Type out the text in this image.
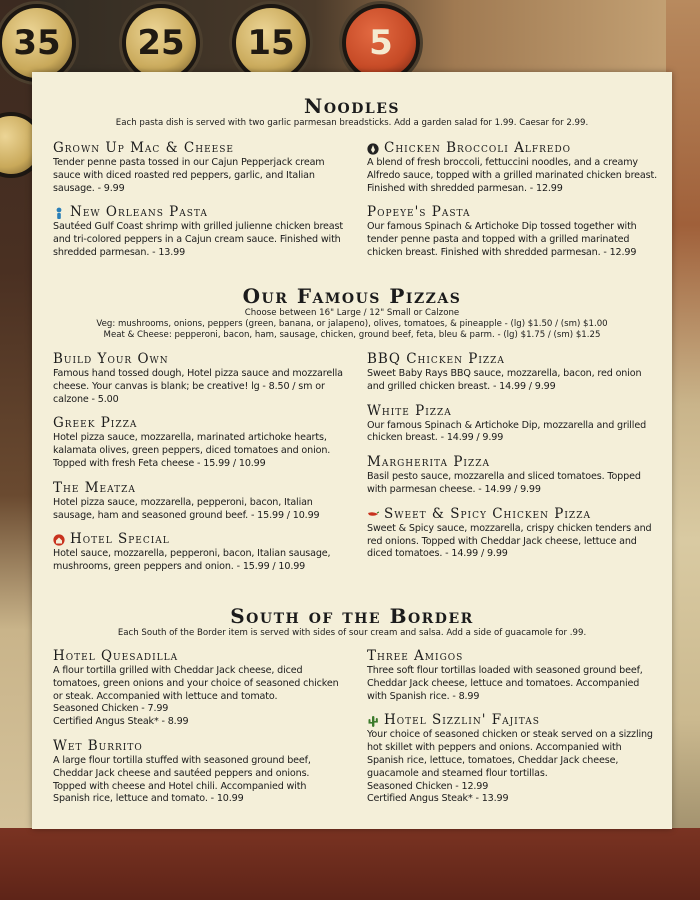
35	25	15	5
Noodles

Each pasta dish is served with two garlic parmesan breadsticks. Add a garden salad for 1.99. Caesar for 2.99.

Grown Up Mac & Cheese

Tender penne pasta tossed in our Cajun Pepperjack cream sauce with diced roasted red peppers, garlic, and Italian sausage. - 9.99

New Orleans Pasta

Sautéed Gulf Coast shrimp with grilled julienne chicken breast and tri-colored peppers in a Cajun cream sauce. Finished with shredded parmesan. - 13.99

Chicken Broccoli Alfredo

A blend of fresh broccoli, fettuccini noodles, and a creamy Alfredo sauce, topped with a grilled marinated chicken breast. Finished with shredded parmesan. - 12.99

Popeye's Pasta

Our famous Spinach & Artichoke Dip tossed together with tender penne pasta and topped with a grilled marinated chicken breast. Finished with shredded parmesan. - 12.99

Our Famous Pizzas

Choose between 16" Large / 12" Small or Calzone

Veg: mushrooms, onions, peppers (green, banana, or jalapeno), olives, tomatoes, & pineapple - (lg) $1.50 / (sm) $1.00

Meat & Cheese: pepperoni, bacon, ham, sausage, chicken, ground beef, feta, bleu & parm. - (lg) $1.75 / (sm) $1.25

Build Your Own

Famous hand tossed dough, Hotel pizza sauce and mozzarella cheese. Your canvas is blank; be creative! lg - 8.50 / sm or calzone - 5.00

Greek Pizza

Hotel pizza sauce, mozzarella, marinated artichoke hearts, kalamata olives, green peppers, diced tomatoes and onion. Topped with fresh Feta cheese - 15.99 / 10.99

The Meatza

Hotel pizza sauce, mozzarella, pepperoni, bacon, Italian sausage, ham and seasoned ground beef. - 15.99 / 10.99

Hotel Special

Hotel sauce, mozzarella, pepperoni, bacon, Italian sausage, mushrooms, green peppers and onion. - 15.99 / 10.99

BBQ Chicken Pizza

Sweet Baby Rays BBQ sauce, mozzarella, bacon, red onion and grilled chicken breast. - 14.99 / 9.99

White Pizza

Our famous Spinach & Artichoke Dip, mozzarella and grilled chicken breast. - 14.99 / 9.99

Margherita Pizza

Basil pesto sauce, mozzarella and sliced tomatoes. Topped with parmesan cheese. - 14.99 / 9.99

Sweet & Spicy Chicken Pizza

Sweet & Spicy sauce, mozzarella, crispy chicken tenders and red onions. Topped with Cheddar Jack cheese, lettuce and diced tomatoes. - 14.99 / 9.99

South of the Border

Each South of the Border item is served with sides of sour cream and salsa. Add a side of guacamole for .99.

Hotel Quesadilla

A flour tortilla grilled with Cheddar Jack cheese, diced tomatoes, green onions and your choice of seasoned chicken or steak. Accompanied with lettuce and tomato.

Seasoned Chicken - 7.99

Certified Angus Steak* - 8.99

Wet Burrito

A large flour tortilla stuffed with seasoned ground beef, Cheddar Jack cheese and sautéed peppers and onions. Topped with cheese and Hotel chili. Accompanied with Spanish rice, lettuce and tomato. - 10.99

Three Amigos

Three soft flour tortillas loaded with seasoned ground beef, Cheddar Jack cheese, lettuce and tomatoes. Accompanied with Spanish rice. - 8.99

Hotel Sizzlin' Fajitas

Your choice of seasoned chicken or steak served on a sizzling hot skillet with peppers and onions. Accompanied with Spanish rice, lettuce, tomatoes, Cheddar Jack cheese, guacamole and steamed flour tortillas.

Seasoned Chicken - 12.99

Certified Angus Steak* - 13.99
